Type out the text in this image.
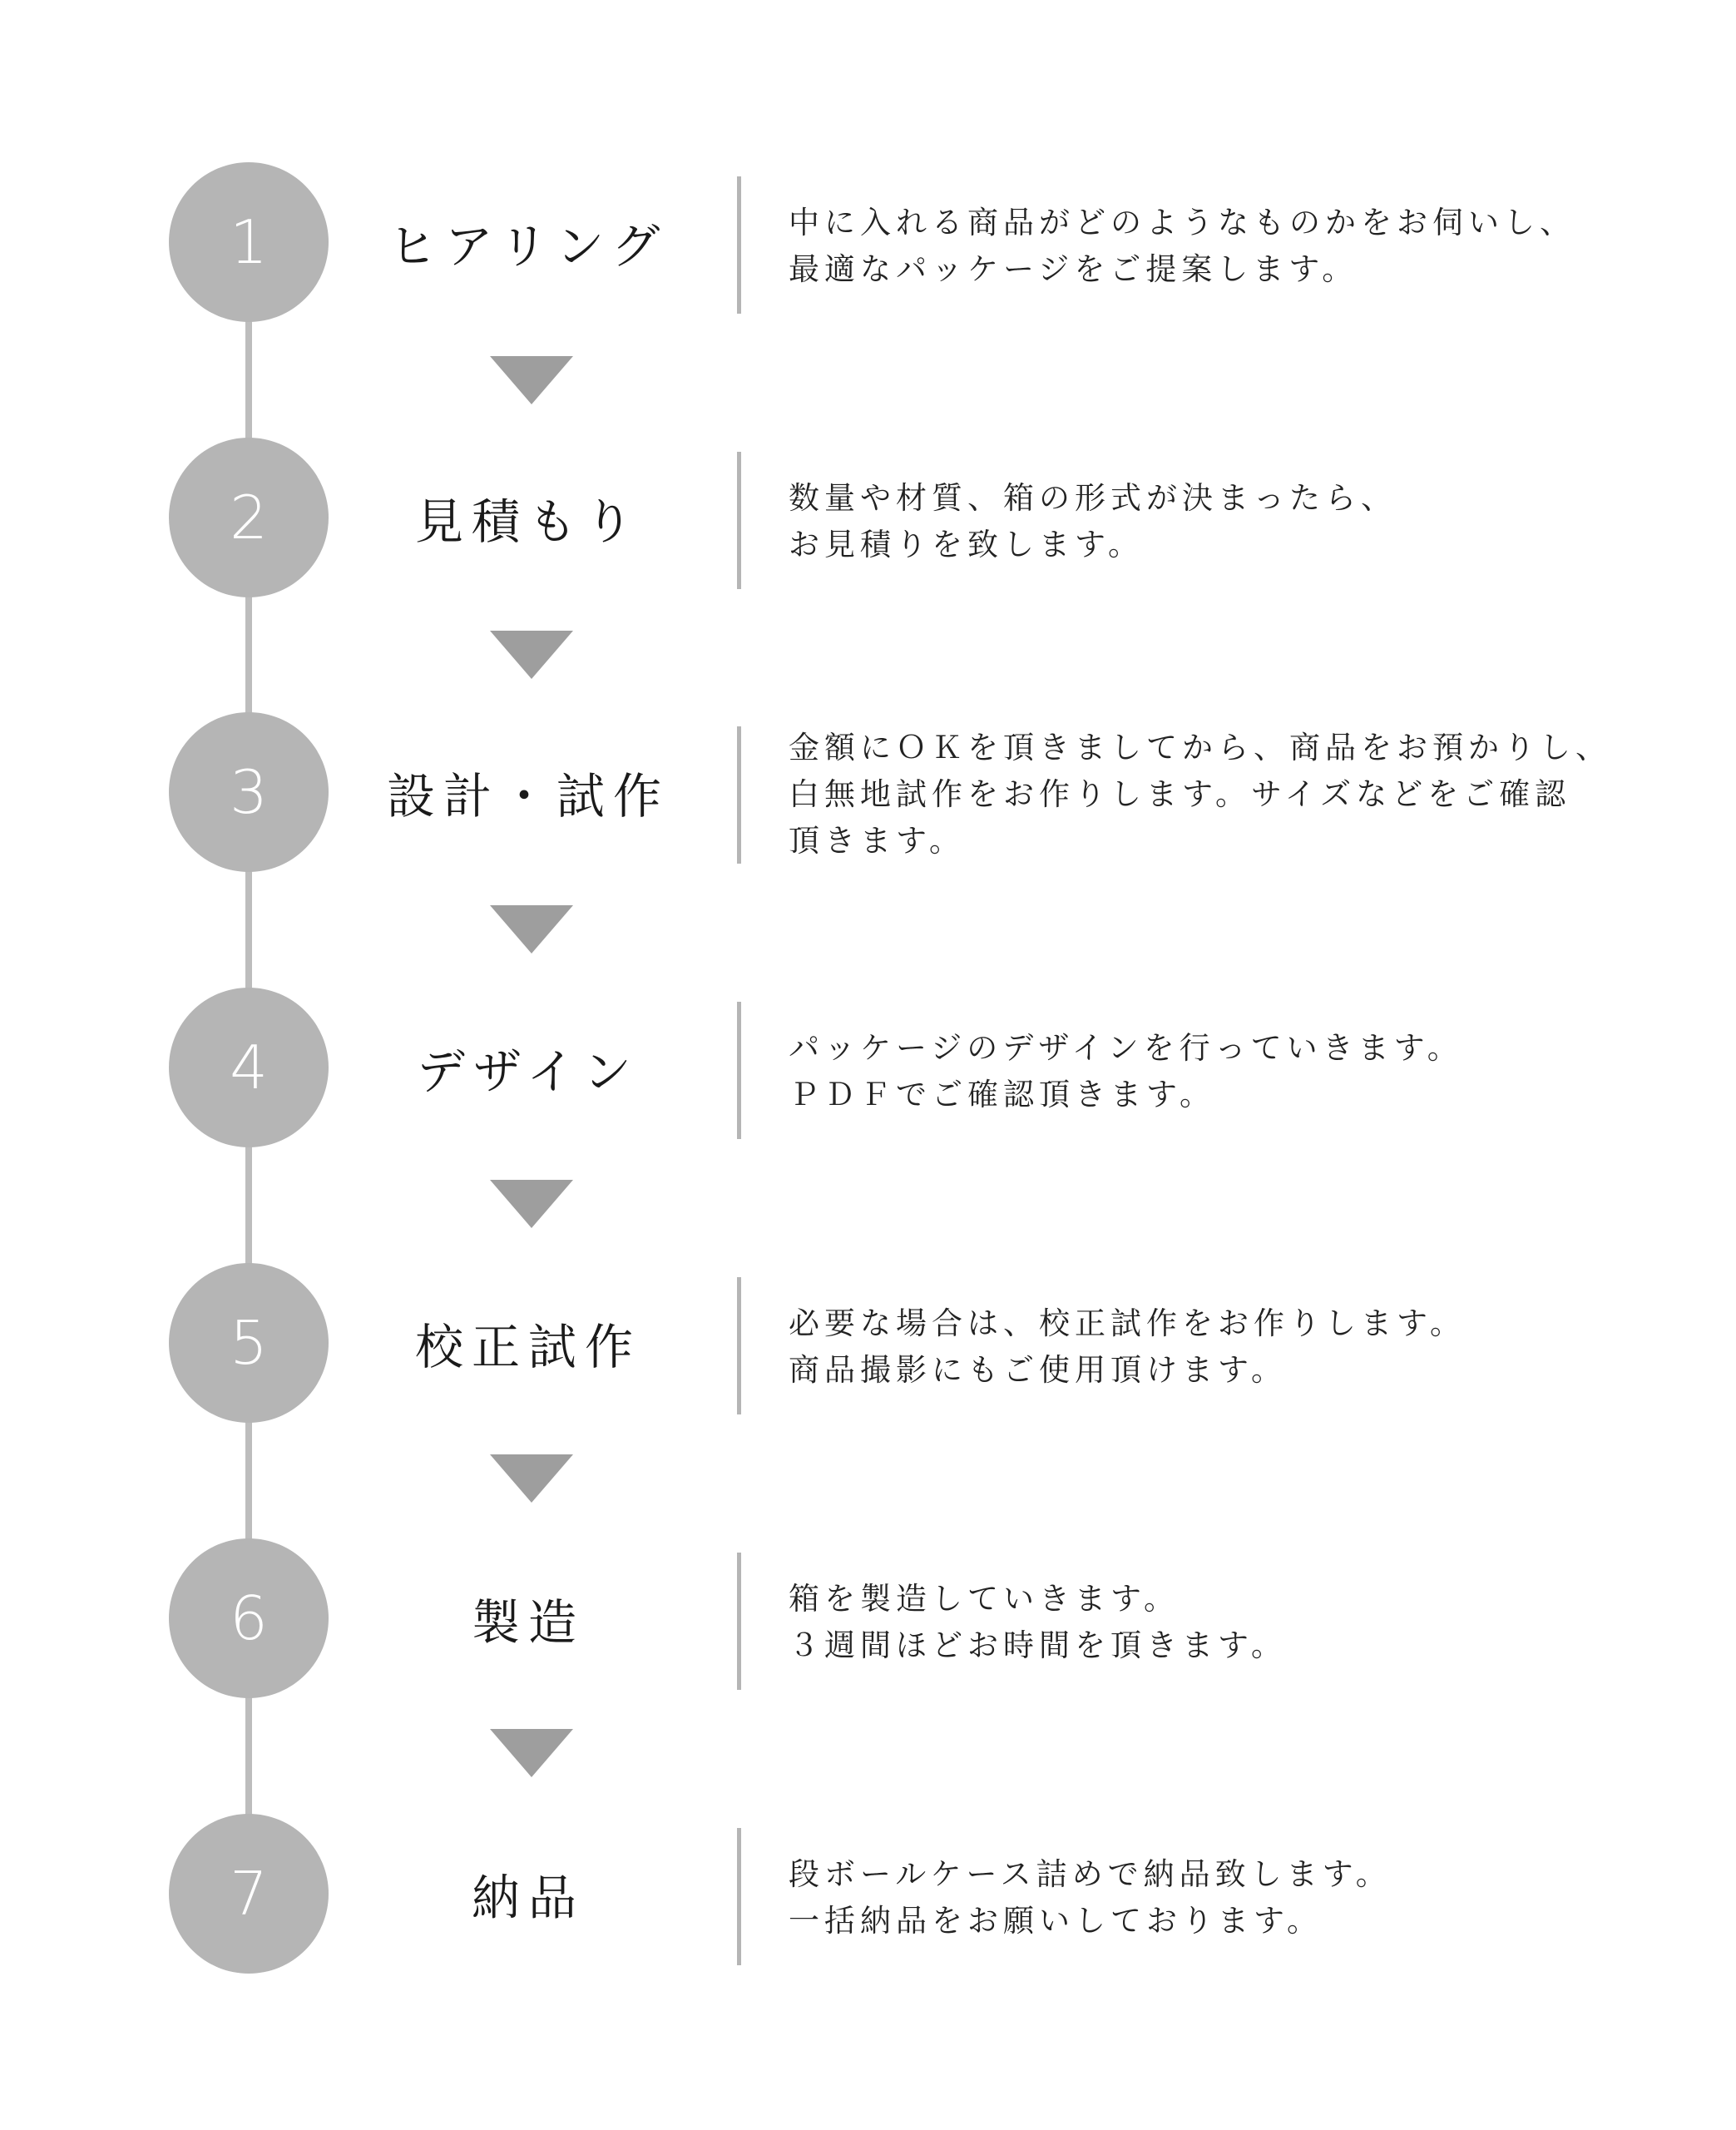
1	ヒアリング	中に入れる商品がどのようなものかをお伺いし、
最適なパッケージをご提案します。
2	見積もり	数量や材質、箱の形式が決まったら、
お見積りを致します。
3	設計・試作
金額にＯＫを頂きましてから、商品をお預かりし、
白無地試作をお作りします。サイズなどをご確認
頂きます。
4	デザイン	パッケージのデザインを行っていきます。
ＰＤＦでご確認頂きます。
5	校正試作	必要な場合は、校正試作をお作りします。
商品撮影にもご使用頂けます。
6	製造	箱を製造していきます。
３週間ほどお時間を頂きます。
7	納品	段ボールケース詰めで納品致します。
一括納品をお願いしております。
